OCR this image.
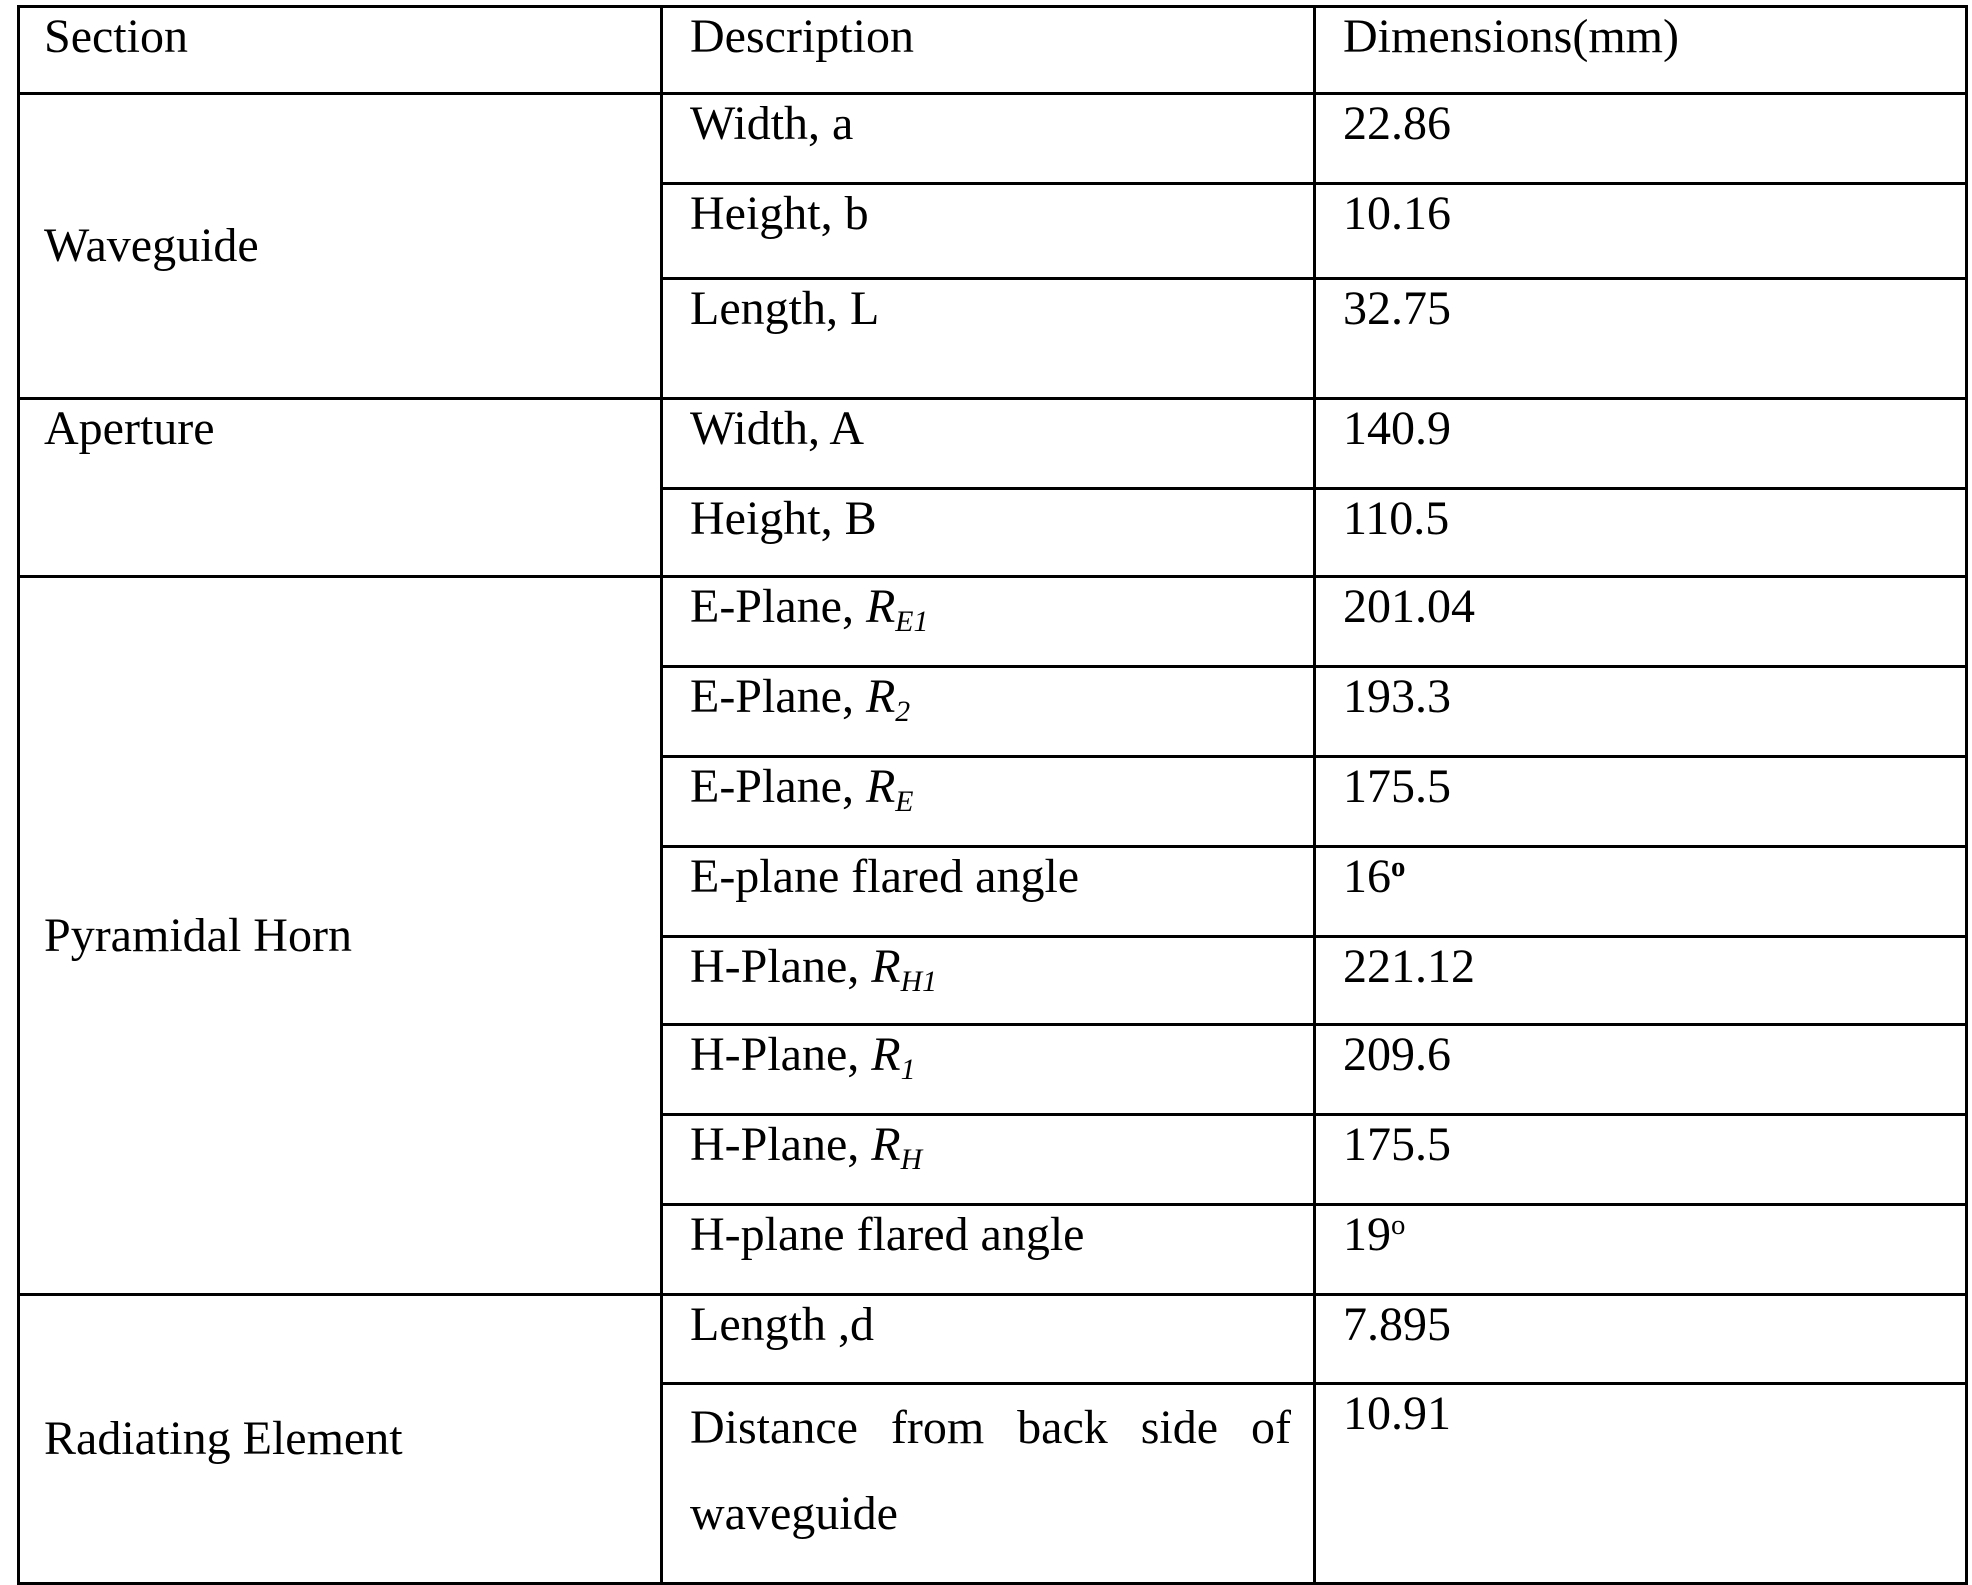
Section	Description	Dimensions(mm)
Waveguide	Width, a	22.86
	Height, b	10.16
	Length, L	32.75
Aperture	Width, A	140.9
	Height, B	110.5
Pyramidal Horn	E-Plane, $R_{E1}$	201.04
	E-Plane, $R_2$	193.3
	E-Plane, $R_E$	175.5
	E-plane flared angle	16$^o$
	H-Plane, $R_{H1}$	221.12
	H-Plane, $R_1$	209.6
	H-Plane, $R_H$	175.5
	H-plane flared angle	19$^o$
Radiating Element	Length ,d	7.895
	Distance from back side of waveguide	10.91
